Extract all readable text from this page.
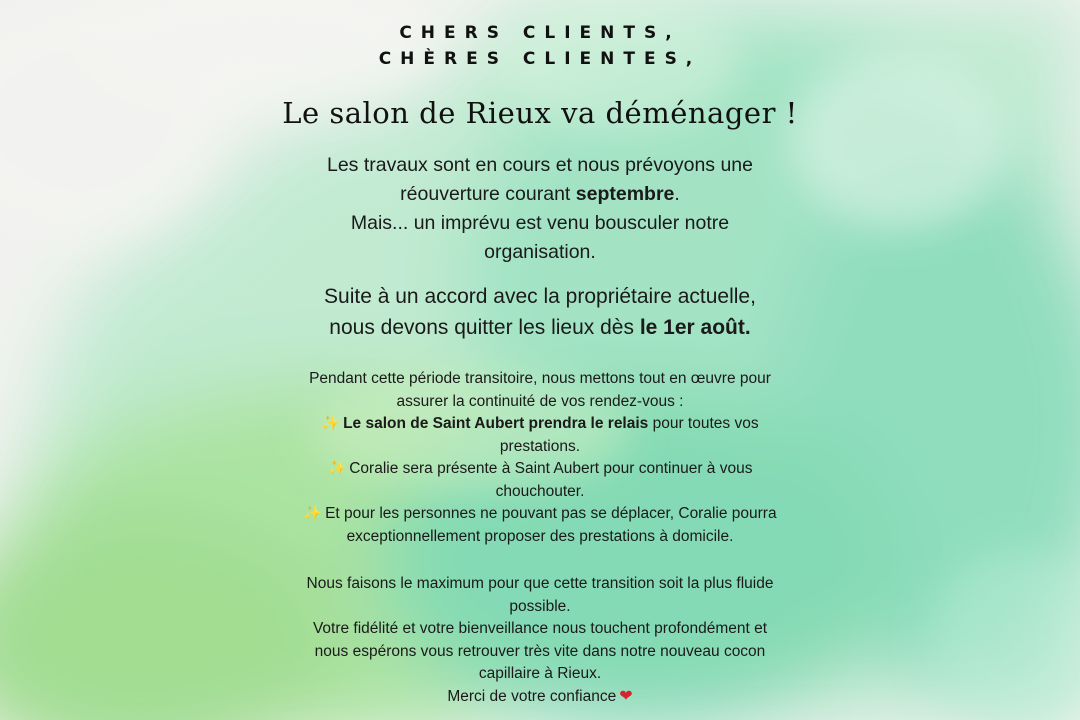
CHERS CLIENTS,
CHÈRES CLIENTES,
Le salon de Rieux va déménager !
Les travaux sont en cours et nous prévoyons une
réouverture courant septembre.
Mais... un imprévu est venu bousculer notre
organisation.
Suite à un accord avec la propriétaire actuelle,
nous devons quitter les lieux dès le 1er août.
Pendant cette période transitoire, nous mettons tout en œuvre pour
assurer la continuité de vos rendez-vous :
✨ Le salon de Saint Aubert prendra le relais pour toutes vos
prestations.
✨ Coralie sera présente à Saint Aubert pour continuer à vous
chouchouter.
✨ Et pour les personnes ne pouvant pas se déplacer, Coralie pourra
exceptionnellement proposer des prestations à domicile.
Nous faisons le maximum pour que cette transition soit la plus fluide
possible.
Votre fidélité et votre bienveillance nous touchent profondément et
nous espérons vous retrouver très vite dans notre nouveau cocon
capillaire à Rieux.
Merci de votre confiance ❤
